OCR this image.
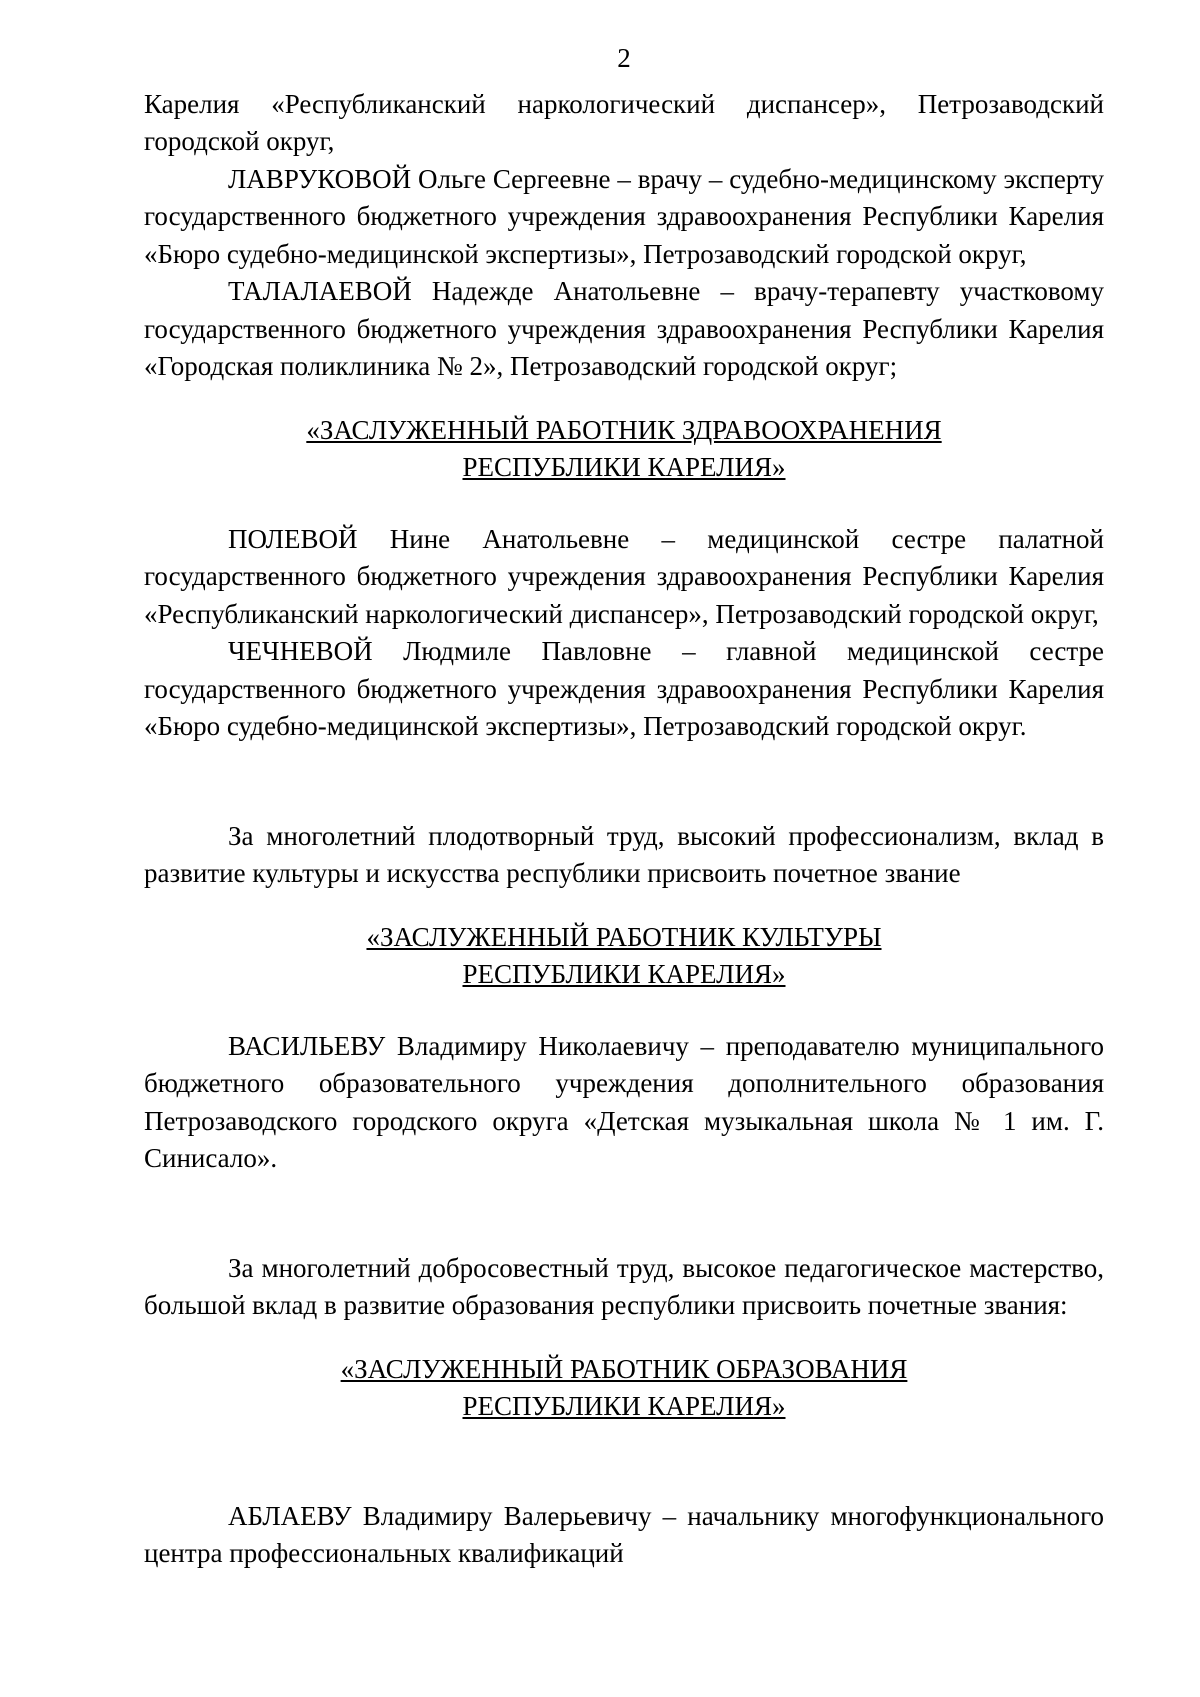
2

Карелия «Республиканский наркологический диспансер», Петрозаводский городской округ,

ЛАВРУКОВОЙ Ольге Сергеевне – врачу – судебно-медицинскому эксперту государственного бюджетного учреждения здравоохранения Республики Карелия «Бюро судебно-медицинской экспертизы», Петрозаводский городской округ,

ТАЛАЛАЕВОЙ Надежде Анатольевне – врачу-терапевту участковому государственного бюджетного учреждения здравоохранения Республики Карелия «Городская поликлиника № 2», Петрозаводский городской округ;

«ЗАСЛУЖЕННЫЙ РАБОТНИК ЗДРАВООХРАНЕНИЯ
РЕСПУБЛИКИ КАРЕЛИЯ»

ПОЛЕВОЙ Нине Анатольевне – медицинской сестре палатной государственного бюджетного учреждения здравоохранения Республики Карелия «Республиканский наркологический диспансер», Петрозаводский городской округ,

ЧЕЧНЕВОЙ Людмиле Павловне – главной медицинской сестре государственного бюджетного учреждения здравоохранения Республики Карелия «Бюро судебно-медицинской экспертизы», Петрозаводский городской округ.

За многолетний плодотворный труд, высокий профессионализм, вклад в развитие культуры и искусства республики присвоить почетное звание

«ЗАСЛУЖЕННЫЙ РАБОТНИК КУЛЬТУРЫ
РЕСПУБЛИКИ КАРЕЛИЯ»

ВАСИЛЬЕВУ Владимиру Николаевичу – преподавателю муниципального бюджетного образовательного учреждения дополнительного образования Петрозаводского городского округа «Детская музыкальная школа № 1 им. Г. Синисало».

За многолетний добросовестный труд, высокое педагогическое мастерство, большой вклад в развитие образования республики присвоить почетные звания:

«ЗАСЛУЖЕННЫЙ РАБОТНИК ОБРАЗОВАНИЯ
РЕСПУБЛИКИ КАРЕЛИЯ»

АБЛАЕВУ Владимиру Валерьевичу – начальнику многофункционального центра профессиональных квалификаций
